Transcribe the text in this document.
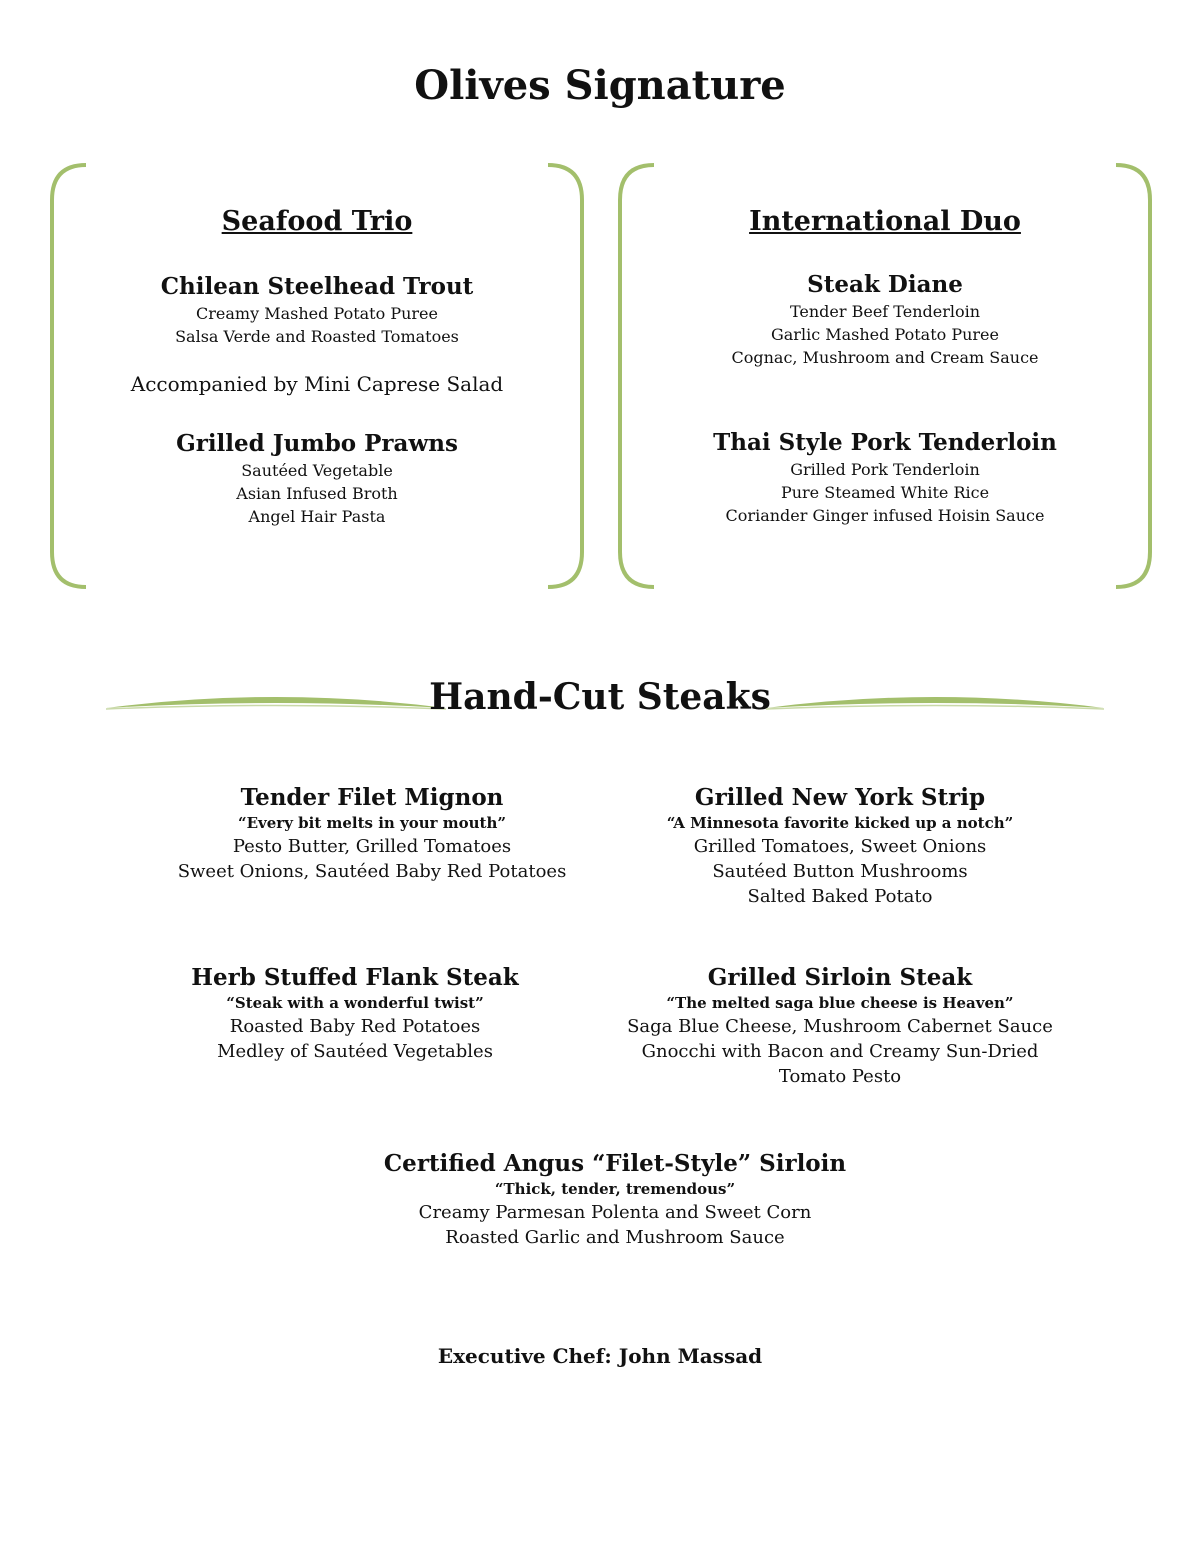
Olives Signature
Seafood Trio
Chilean Steelhead Trout
Creamy Mashed Potato Puree
Salsa Verde and Roasted Tomatoes
Accompanied by Mini Caprese Salad
Grilled Jumbo Prawns
Sautéed Vegetable
Asian Infused Broth
Angel Hair Pasta
International Duo
Steak Diane
Tender Beef Tenderloin
Garlic Mashed Potato Puree
Cognac, Mushroom and Cream Sauce
Thai Style Pork Tenderloin
Grilled Pork Tenderloin
Pure Steamed White Rice
Coriander Ginger infused Hoisin Sauce
Hand-Cut Steaks
Tender Filet Mignon
“Every bit melts in your mouth”
Pesto Butter, Grilled Tomatoes
Sweet Onions, Sautéed Baby Red Potatoes
Grilled New York Strip
“A Minnesota favorite kicked up a notch”
Grilled Tomatoes, Sweet Onions
Sautéed Button Mushrooms
Salted Baked Potato
Herb Stuffed Flank Steak
“Steak with a wonderful twist”
Roasted Baby Red Potatoes
Medley of Sautéed Vegetables
Grilled Sirloin Steak
“The melted saga blue cheese is Heaven”
Saga Blue Cheese, Mushroom Cabernet Sauce
Gnocchi with Bacon and Creamy Sun-Dried
Tomato Pesto
Certified Angus “Filet-Style” Sirloin
“Thick, tender, tremendous”
Creamy Parmesan Polenta and Sweet Corn
Roasted Garlic and Mushroom Sauce
Executive Chef: John Massad
